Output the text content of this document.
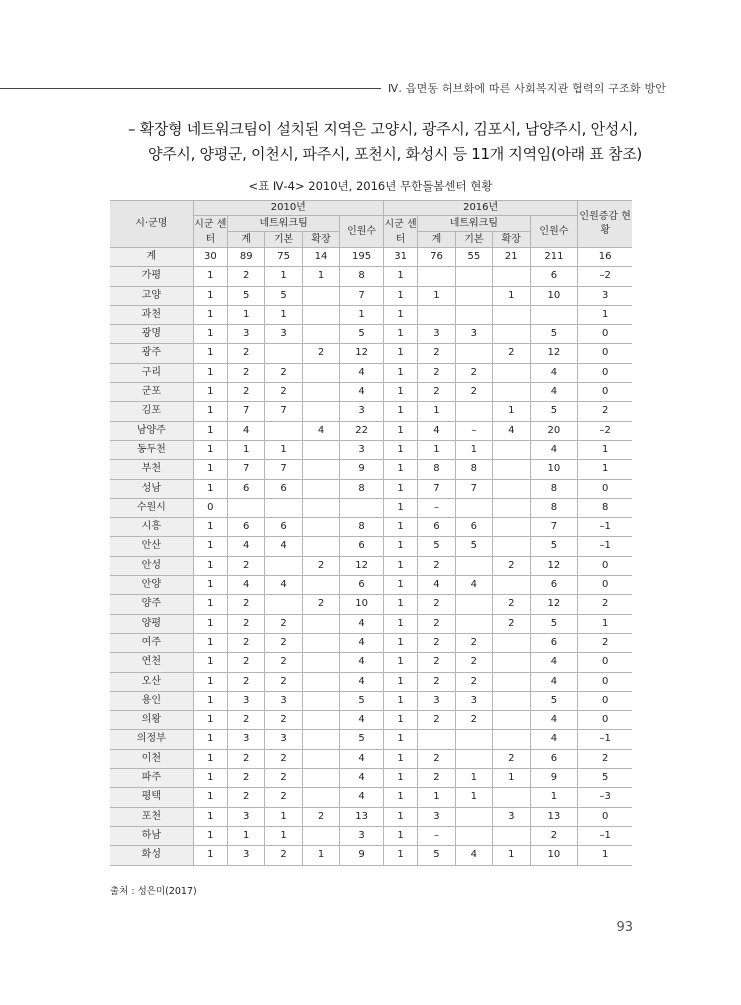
Ⅳ. 읍면동 허브화에 따른 사회복지관 협력의 구조화 방안
– 확장형 네트워크팀이 설치된 지역은 고양시, 광주시, 김포시, 남양주시, 안성시,
양주시, 양평군, 이천시, 파주시, 포천시, 화성시 등 11개 지역임(아래 표 참조)
<표 Ⅳ-4> 2010년, 2016년 무한돌봄센터 현황
시·군명	2010년					2016년					인원증감 현황
	시군 센터	네트워크팀			인원수	시군 센터	네트워크팀			인원수	
		계	기본	확장			계	기본	확장		
계	30	89	75	14	195	31	76	55	21	211	16
가평	1	2	1	1	8	1				6	–2
고양	1	5	5		7	1	1		1	10	3
과천	1	1	1		1	1					1
광명	1	3	3		5	1	3	3		5	0
광주	1	2		2	12	1	2		2	12	0
구리	1	2	2		4	1	2	2		4	0
군포	1	2	2		4	1	2	2		4	0
김포	1	7	7		3	1	1		1	5	2
남양주	1	4		4	22	1	4	–	4	20	–2
동두천	1	1	1		3	1	1	1		4	1
부천	1	7	7		9	1	8	8		10	1
성남	1	6	6		8	1	7	7		8	0
수원시	0					1	–			8	8
시흥	1	6	6		8	1	6	6		7	–1
안산	1	4	4		6	1	5	5		5	–1
안성	1	2		2	12	1	2		2	12	0
안양	1	4	4		6	1	4	4		6	0
양주	1	2		2	10	1	2		2	12	2
양평	1	2	2		4	1	2		2	5	1
여주	1	2	2		4	1	2	2		6	2
연천	1	2	2		4	1	2	2		4	0
오산	1	2	2		4	1	2	2		4	0
용인	1	3	3		5	1	3	3		5	0
의왕	1	2	2		4	1	2	2		4	0
의정부	1	3	3		5	1				4	–1
이천	1	2	2		4	1	2		2	6	2
파주	1	2	2		4	1	2	1	1	9	5
평택	1	2	2		4	1	1	1		1	–3
포천	1	3	1	2	13	1	3		3	13	0
하남	1	1	1		3	1	–			2	–1
화성	1	3	2	1	9	1	5	4	1	10	1
출처 : 성은미(2017)
93
